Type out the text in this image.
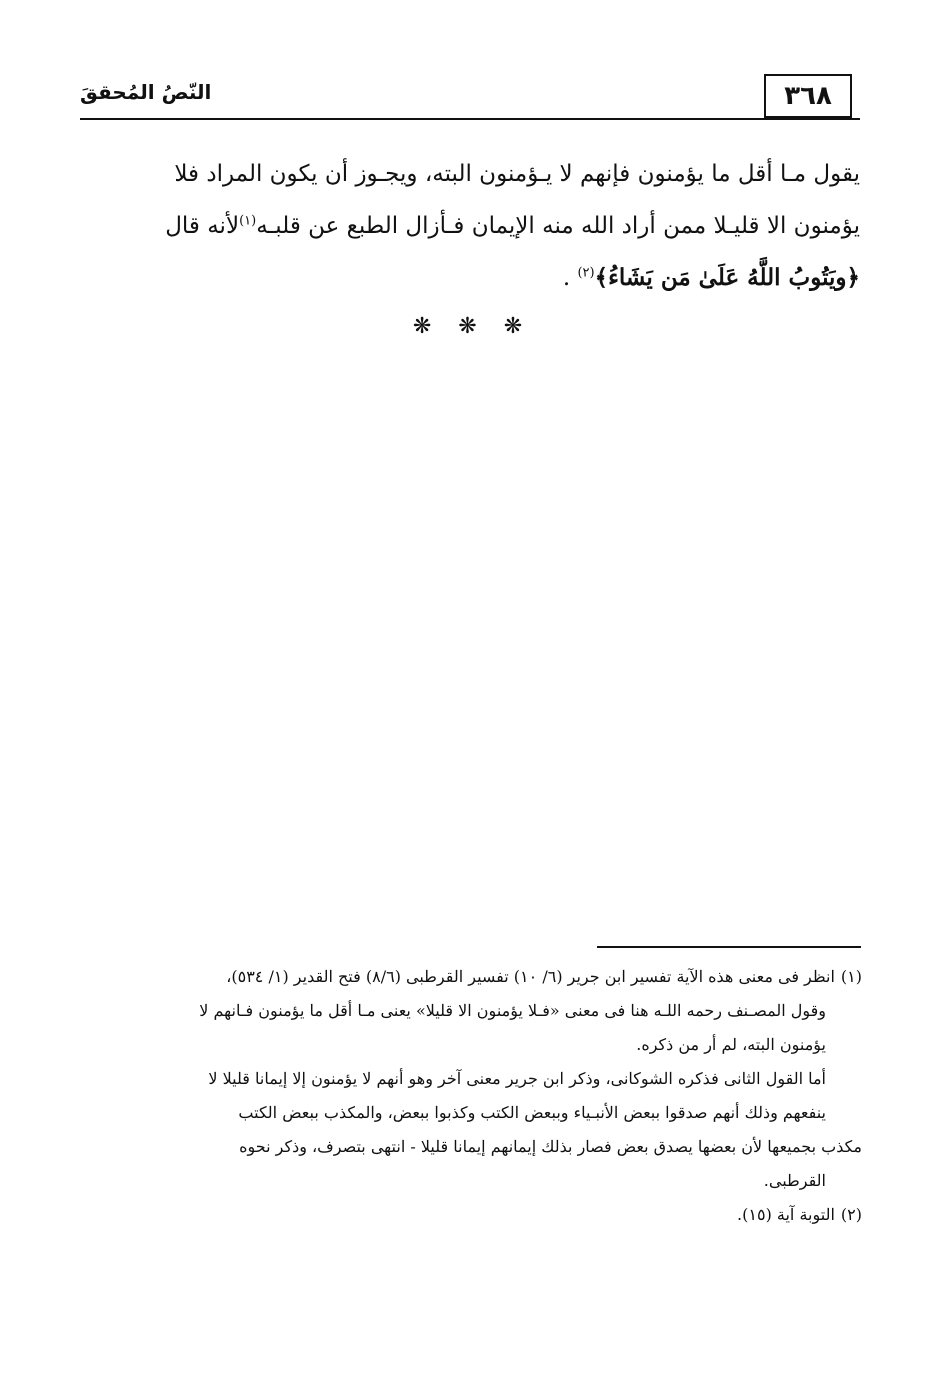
٣٦٨
النّصُ المُحققَ

يقول مـا أقل ما يؤمنون فإنهم لا يـؤمنون البته، ويجـوز أن يكون المراد فلا

يؤمنون الا قليـلا ممن أراد الله منه الإيمان فـأزال الطبع عن قلبـه$^{(١)}$لأنه قال

﴿ويَتُوبُ اللَّهُ عَلَىٰ مَن يَشَاءُ﴾$^{(٢)}$ .

❋ ❋ ❋

(١)انظر فى معنى هذه الآية تفسير ابن جرير (٦/ ١٠) تفسير القرطبى (٨/٦) فتح القدير (١/ ٥٣٤)،

وقول المصـنف رحمه اللـه هنا فى معنى «فـلا يؤمنون الا قليلا» يعنى مـا أقل ما يؤمنون فـانهم لا

يؤمنون البته، لم أر من ذكره.

أما القول الثانى فذكره الشوكانى، وذكر ابن جرير معنى آخر وهو أنهم لا يؤمنون إلا إيمانا قليلا لا

ينفعهم وذلك أنهم صدقوا ببعض الأنبـياء وببعض الكتب وكذبوا ببعض، والمكذب ببعض الكتب

مكذب بجميعها لأن بعضها يصدق بعض فصار بذلك إيمانهم إيمانا قليلا - انتهى بتصرف، وذكر نحوه

القرطبى.

(٢)التوبة آية (١٥).
